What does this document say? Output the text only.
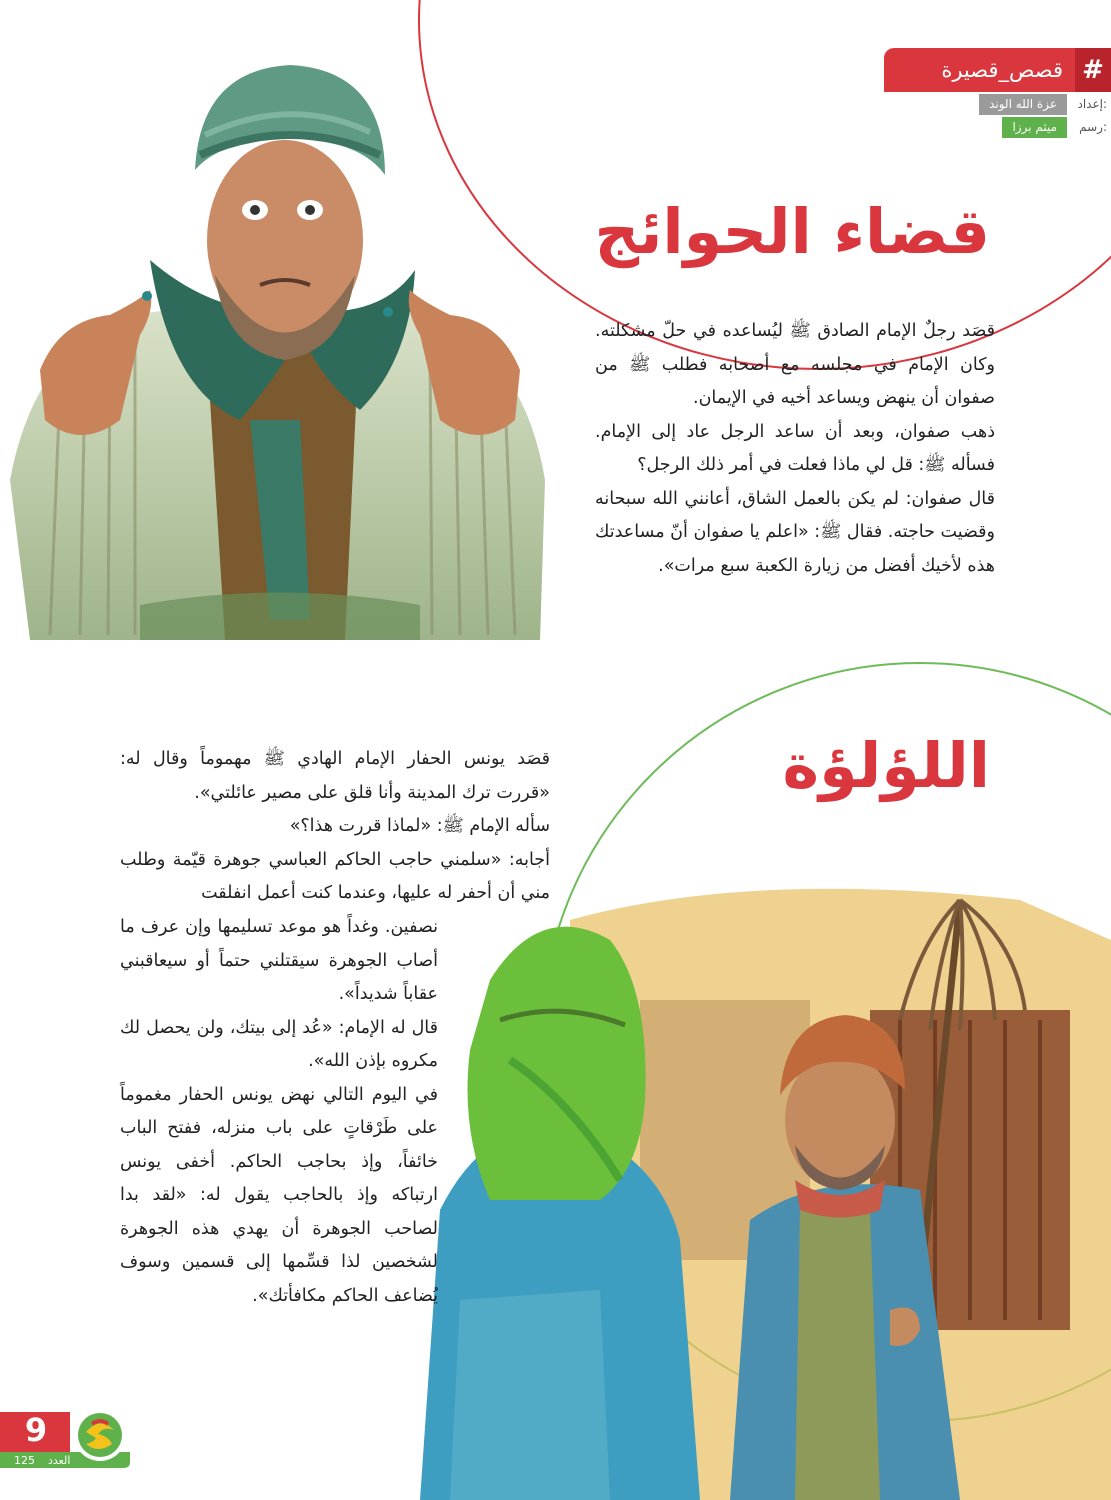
#
قصص_قصيرة
إعداد:
عزة الله الوند
رسم:
ميثم برزا
قضاء الحوائج

قصَد رجلٌ الإمام الصادق ﷺ ليُساعده في حلّ مشكلته. وكان الإمام في مجلسه مع أصحابه فطلب ﷺ من صفوان أن ينهض ويساعد أخيه في الإيمان.

ذهب صفوان، وبعد أن ساعد الرجل عاد إلى الإمام. فسأله ﷺ: قل لي ماذا فعلت في أمر ذلك الرجل؟

قال صفوان: لم يكن بالعمل الشاق، أعانني الله سبحانه وقضيت حاجته. فقال ﷺ: «اعلم يا صفوان أنّ مساعدتك هذه لأخيك أفضل من زيارة الكعبة سبع مرات».

اللؤلؤة

قصَد يونس الحفار الإمام الهادي ﷺ مهموماً وقال له: «قررت ترك المدينة وأنا قلق على مصير عائلتي».

سأله الإمام ﷺ: «لماذا قررت هذا؟»

أجابه: «سلمني حاجب الحاكم العباسي جوهرة قيّمة وطلب مني أن أحفر له عليها، وعندما كنت أعمل انفلقت

نصفين. وغداً هو موعد تسليمها وإن عرف ما أصاب الجوهرة سيقتلني حتماً أو سيعاقبني عقاباً شديداً».

قال له الإمام: «عُد إلى بيتك، ولن يحصل لك مكروه بإذن الله».

في اليوم التالي نهض يونس الحفار مغموماً على طَرْقاتٍ على باب منزله، ففتح الباب خائفاً، وإذ بحاجب الحاكم. أخفى يونس ارتباكه وإذ بالحاجب يقول له: «لقد بدا لصاحب الجوهرة أن يهدي هذه الجوهرة لشخصين لذا قسِّمها إلى قسمين وسوف يُضاعف الحاكم مكافأتك».

9
العدد
125
